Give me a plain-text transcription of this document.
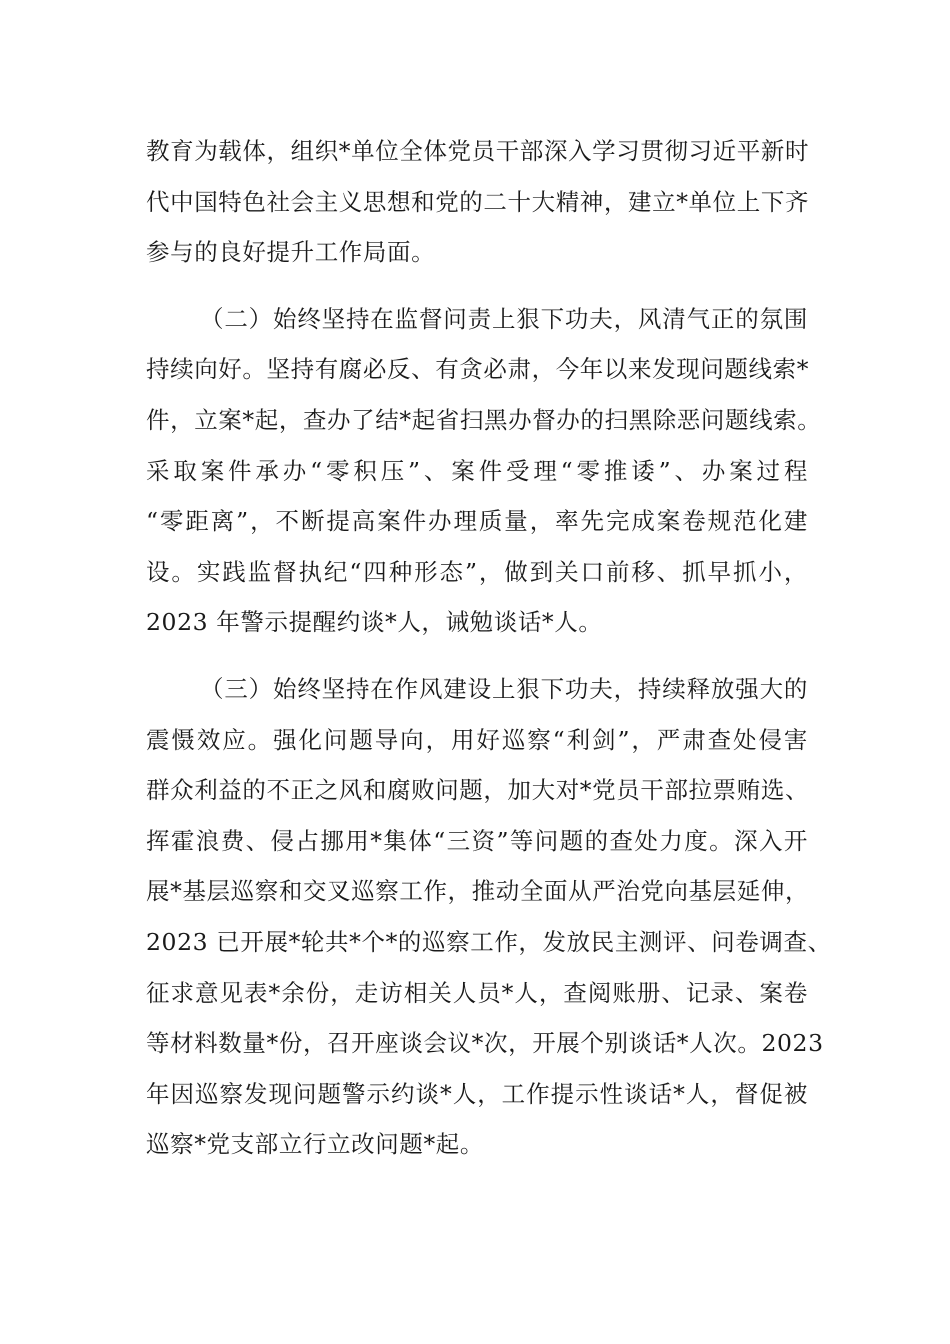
教育为载体，组织*单位全体党员干部深入学习贯彻习近平新时
代中国特色社会主义思想和党的二十大精神，建立*单位上下齐
参与的良好提升工作局面。
（二）始终坚持在监督问责上狠下功夫，风清气正的氛围
持续向好。坚持有腐必反、有贪必肃，今年以来发现问题线索*
件，立案*起，查办了结*起省扫黑办督办的扫黑除恶问题线索。
采取案件承办“零积压”、案件受理“零推诿”、办案过程
“零距离”，不断提高案件办理质量，率先完成案卷规范化建
设。实践监督执纪“四种形态”，做到关口前移、抓早抓小，
2023 年警示提醒约谈*人，诫勉谈话*人。
（三）始终坚持在作风建设上狠下功夫，持续释放强大的
震慑效应。强化问题导向，用好巡察“利剑”，严肃查处侵害
群众利益的不正之风和腐败问题，加大对*党员干部拉票贿选、
挥霍浪费、侵占挪用*集体“三资”等问题的查处力度。深入开
展*基层巡察和交叉巡察工作，推动全面从严治党向基层延伸，
2023 已开展*轮共*个*的巡察工作，发放民主测评、问卷调查、
征求意见表*余份，走访相关人员*人，查阅账册、记录、案卷
等材料数量*份，召开座谈会议*次，开展个别谈话*人次。2023
年因巡察发现问题警示约谈*人，工作提示性谈话*人，督促被
巡察*党支部立行立改问题*起。
